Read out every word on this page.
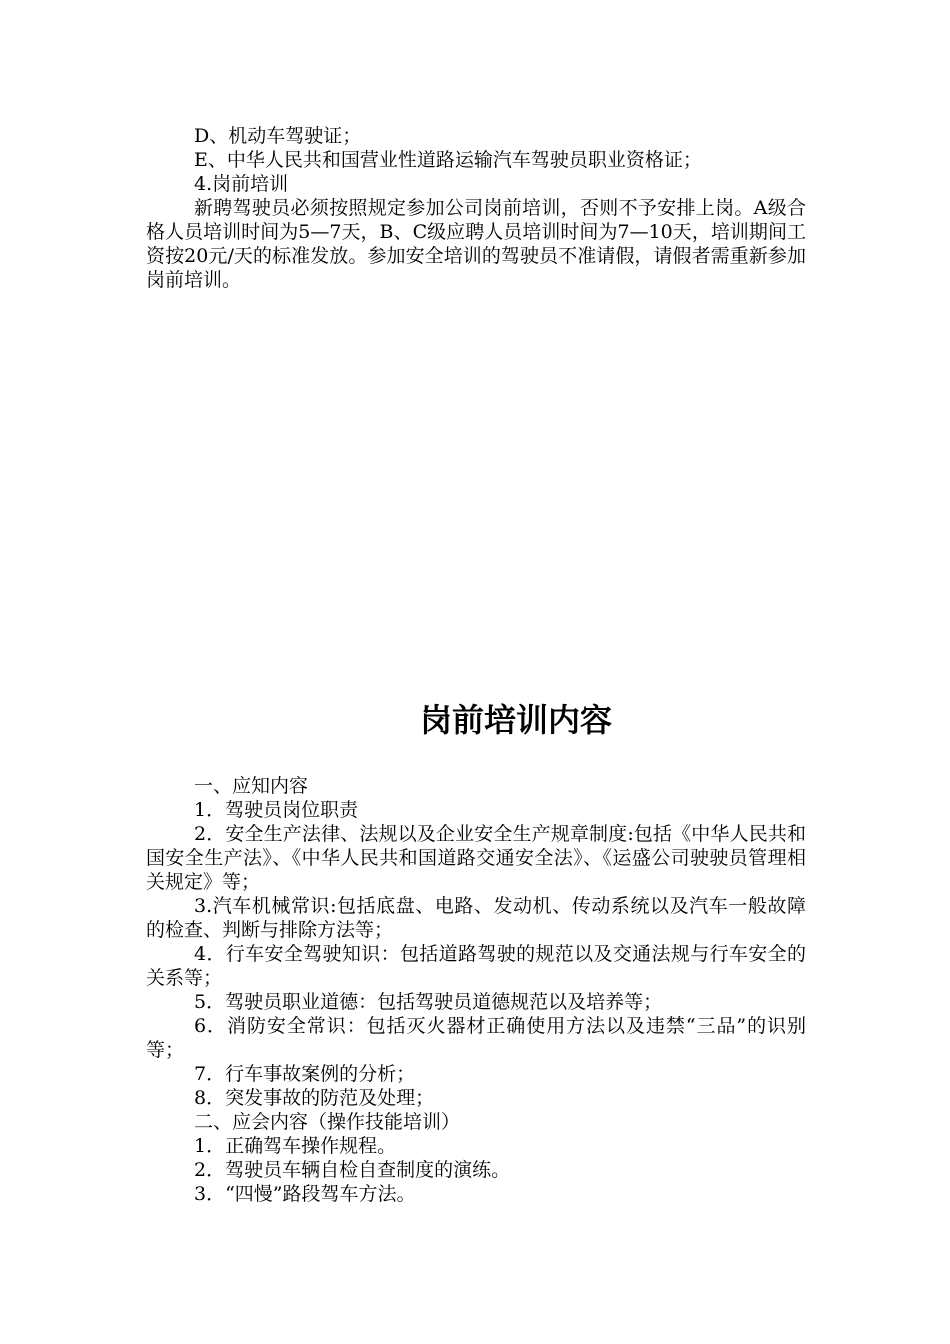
D、机动车驾驶证；

E、中华人民共和国营业性道路运输汽车驾驶员职业资格证；

4.岗前培训

新聘驾驶员必须按照规定参加公司岗前培训，否则不予安排上岗。A级合格人员培训时间为5—7天，B、C级应聘人员培训时间为7—10天，培训期间工资按20元/天的标准发放。参加安全培训的驾驶员不准请假，请假者需重新参加岗前培训。

岗前培训内容

一、应知内容

1．驾驶员岗位职责

2．安全生产法律、法规以及企业安全生产规章制度:包括《中华人民共和国安全生产法》、《中华人民共和国道路交通安全法》、《运盛公司驶驶员管理相关规定》等；

3.汽车机械常识:包括底盘、电路、发动机、传动系统以及汽车一般故障的检查、判断与排除方法等；

4．行车安全驾驶知识：包括道路驾驶的规范以及交通法规与行车安全的关系等；

5．驾驶员职业道德：包括驾驶员道德规范以及培养等；

6．消防安全常识：包括灭火器材正确使用方法以及违禁“三品”的识别等；

7．行车事故案例的分析；

8．突发事故的防范及处理；

二、应会内容（操作技能培训）

1．正确驾车操作规程。

2．驾驶员车辆自检自查制度的演练。

3．“四慢”路段驾车方法。
